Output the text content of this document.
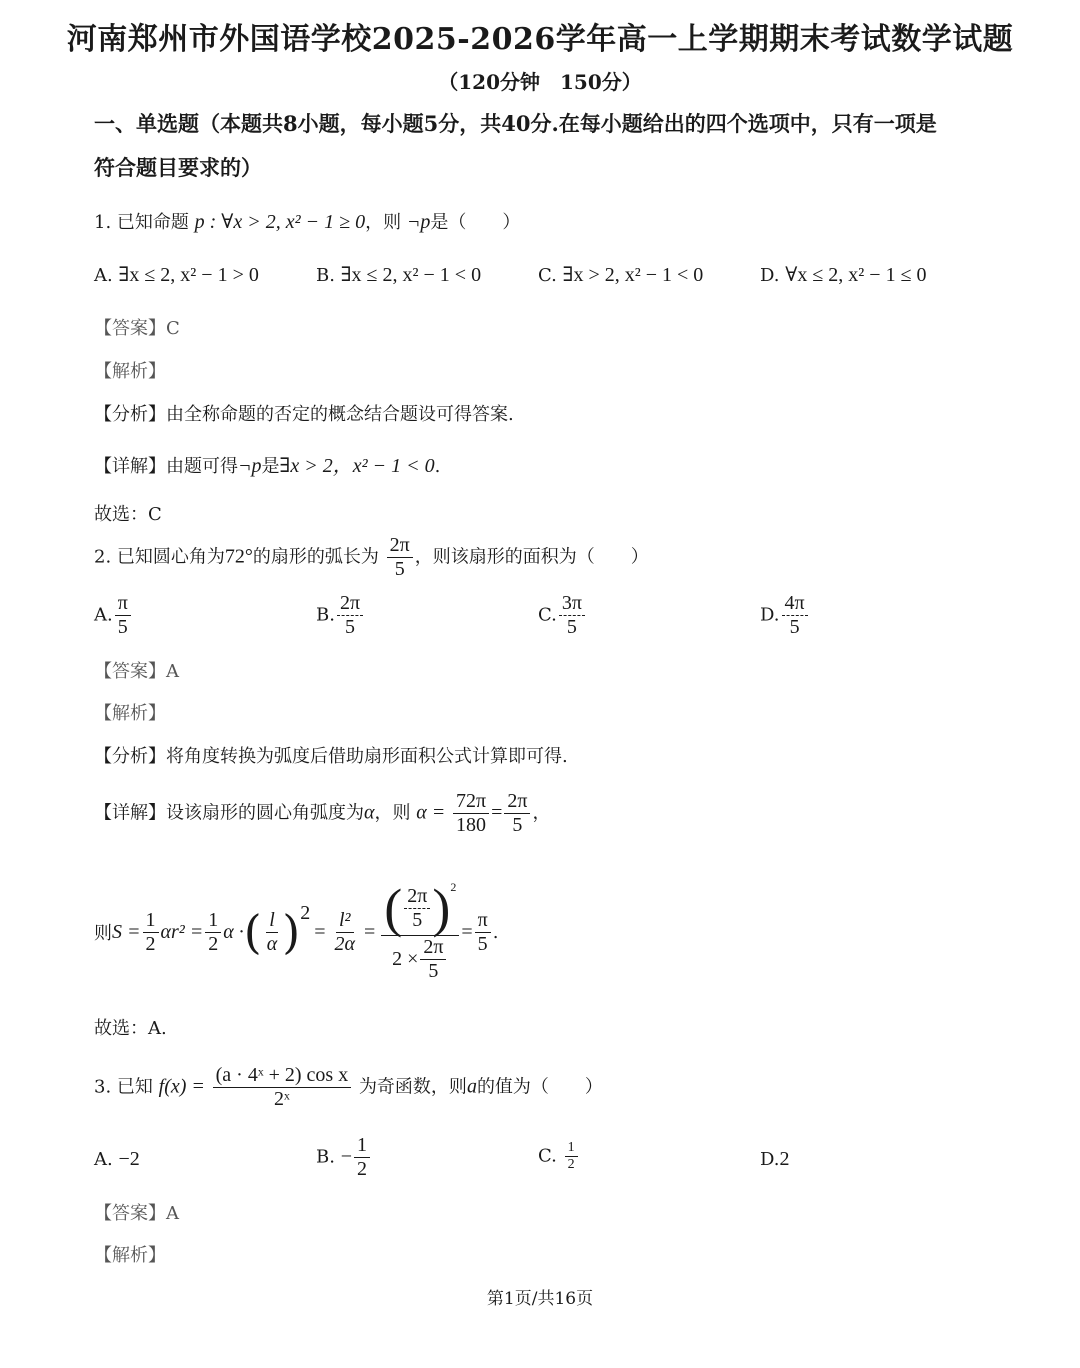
河南郑州市外国语学校2025-2026学年高一上学期期末考试数学试题
（120分钟　150分）
一、单选题（本题共8小题，每小题5分，共40分.在每小题给出的四个选项中，只有一项是
符合题目要求的）
1. 已知命题 p : ∀x > 2, x² − 1 ≥ 0，则 ¬p是（　　）
A. ∃x ≤ 2, x² − 1 > 0	B. ∃x ≤ 2, x² − 1 < 0	C. ∃x > 2, x² − 1 < 0	D. ∀x ≤ 2, x² − 1 ≤ 0
【答案】C
【解析】
【分析】由全称命题的否定的概念结合题设可得答案.
【详解】由题可得¬p是∃x > 2，x² − 1 < 0.
故选：C
2. 已知圆心角为72°的扇形的弧长为 $\frac{2\pi}{5}$ ，则该扇形的面积为（　　）
A. $\frac{\pi}{5}$	B. $\frac{2\pi}{5}$	C. $\frac{3\pi}{5}$	D. $\frac{4\pi}{5}$
【答案】A
【解析】
【分析】将角度转换为弧度后借助扇形面积公式计算即可得.
【详解】设该扇形的圆心角弧度为α，则 $\alpha = \frac{72\pi}{180} = \frac{2\pi}{5}$ ，
则 $S = \frac{1}{2} \alpha r^2 = \frac{1}{2}$ α · ( $\frac{l}{\alpha}$ ) 2
= $\frac{\text{l²}}{2\alpha} = \frac{( \frac{2\pi}{5} )^2}{2 \times \frac{2\pi}{5}} = \frac{\pi}{5}$ .
故选：A.
3. 已知 $f(x) = \frac{\text{(a · 4ˣ + 2) cos x}}{\text{2ˣ}}$ 为奇函数，则a的值为（　　）
A. −2	B. − $\frac{1}{2}$	C. $\frac{1}{2}$	D.2
【答案】A
【解析】
第1页/共16页
